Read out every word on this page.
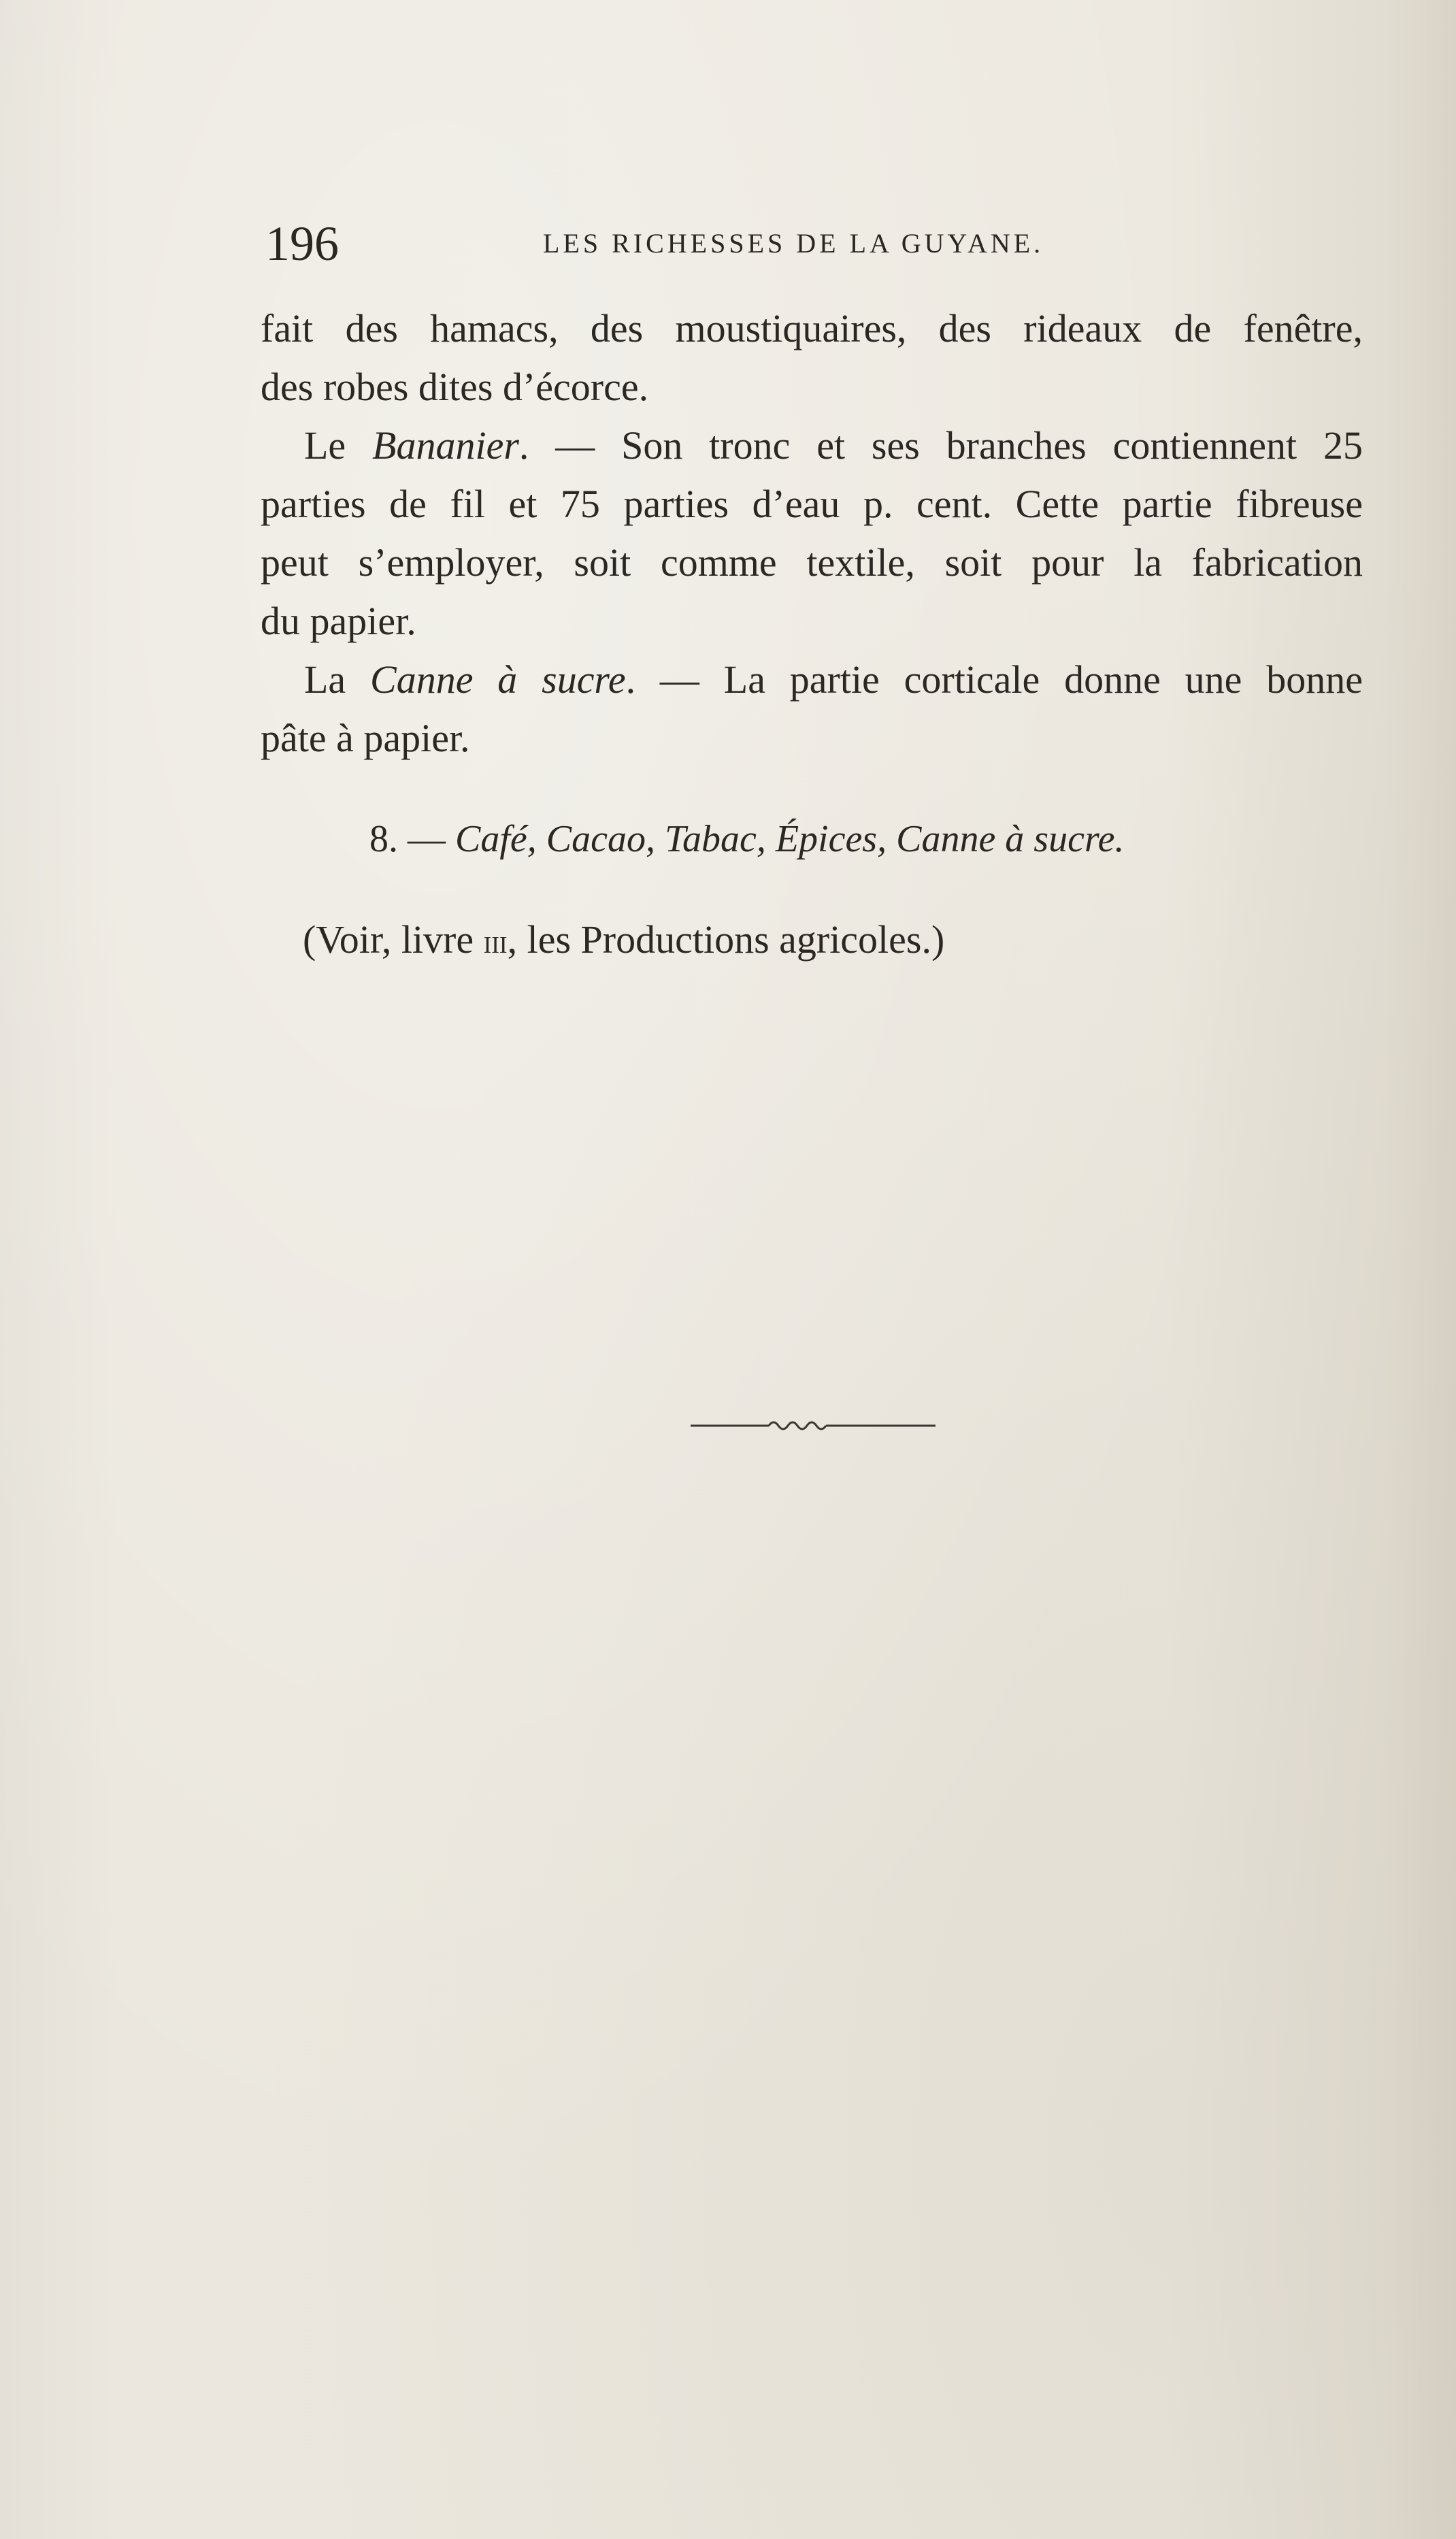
196	LES RICHESSES DE LA GUYANE.
fait des hamacs, des moustiquaires, des rideaux de fenêtre,
des robes dites d’écorce.
Le Bananier. — Son tronc et ses branches contiennent 25
parties de fil et 75 parties d’eau p. cent. Cette partie fibreuse
peut s’employer, soit comme textile, soit pour la fabrication
du papier.
La Canne à sucre. — La partie corticale donne une bonne
pâte à papier.
8. — Café, Cacao, Tabac, Épices, Canne à sucre.
(Voir, livre iii, les Productions agricoles.)
